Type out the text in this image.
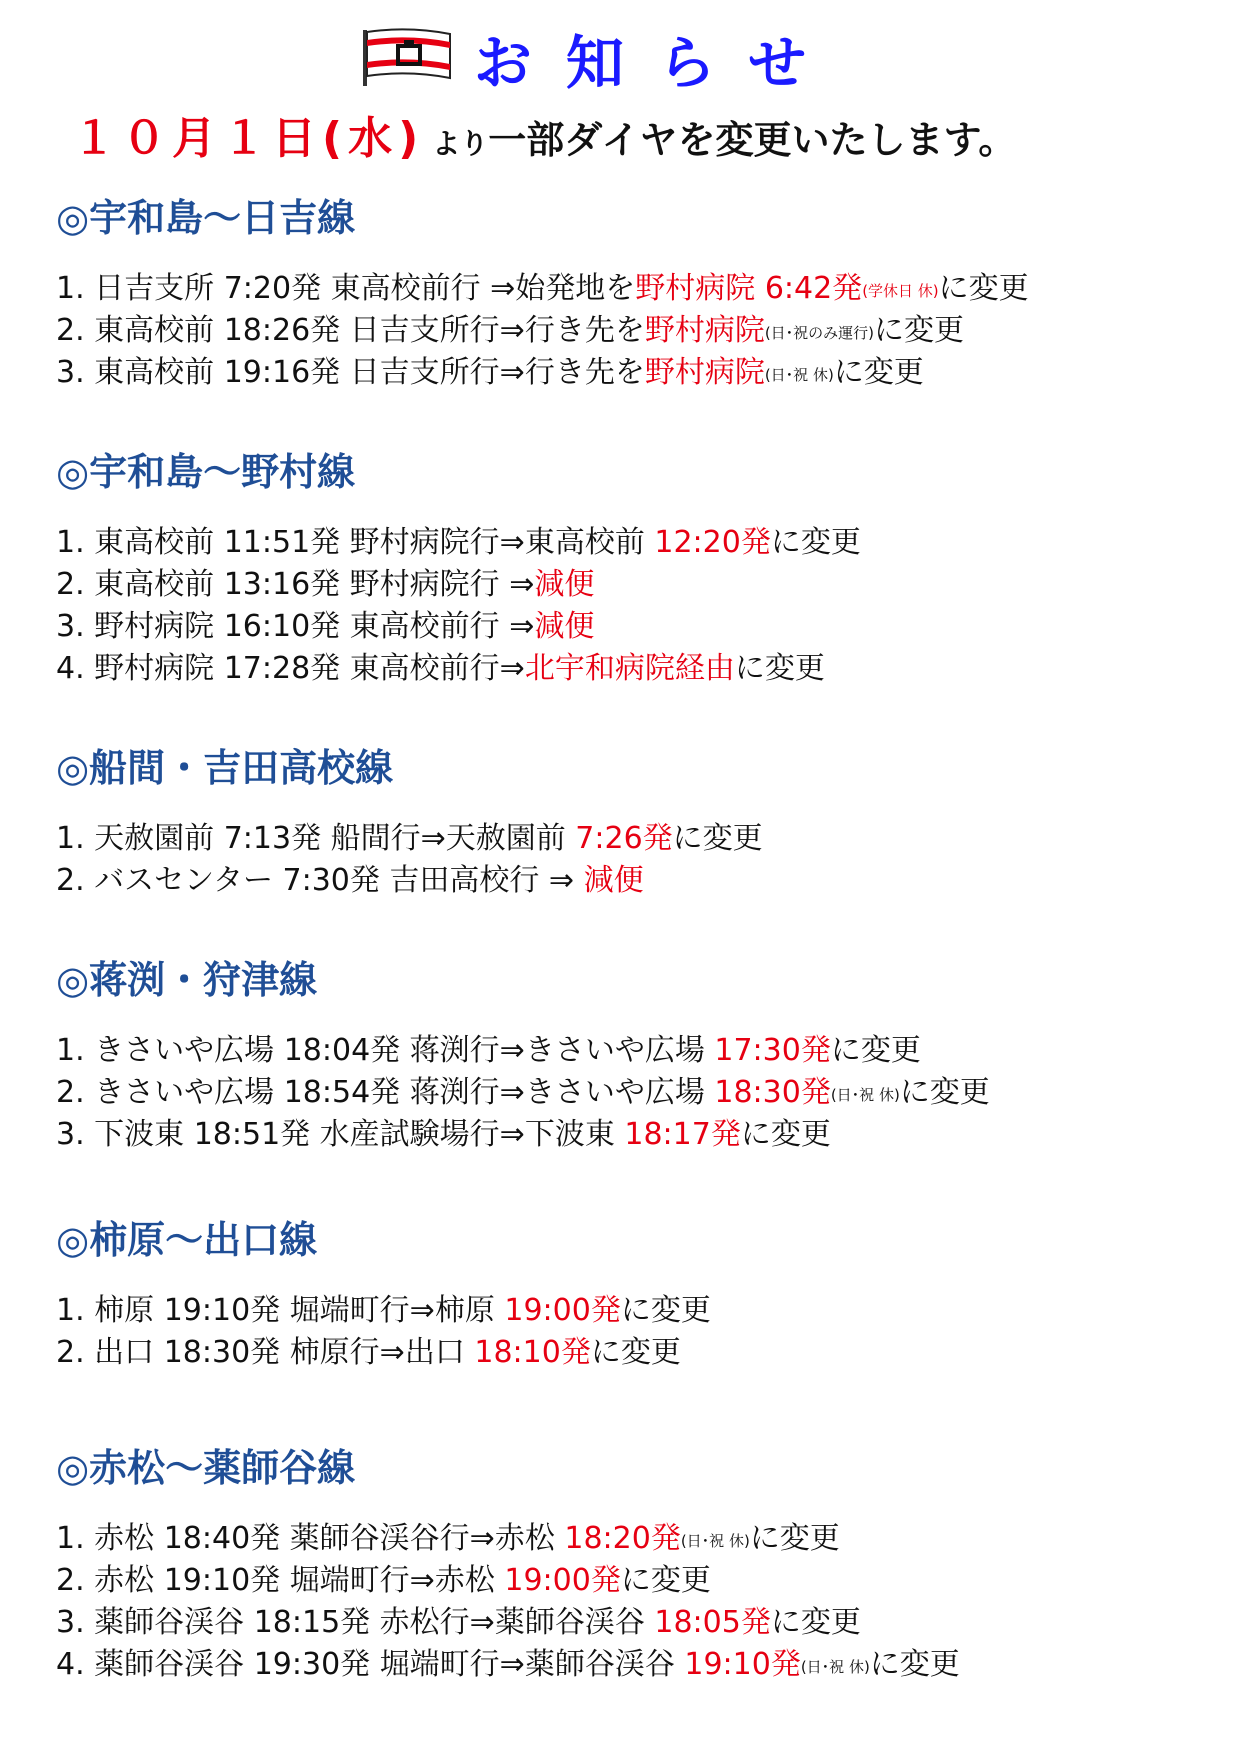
お知らせ
１０月１日(水) より 一部ダイヤを変更いたします。
◎宇和島～日吉線
1. 日吉支所 7:20発 東高校前行 ⇒始発地を野村病院 6:42発(学休日 休)に変更
2. 東高校前 18:26発 日吉支所行⇒行き先を野村病院(日･祝のみ運行)に変更
3. 東高校前 19:16発 日吉支所行⇒行き先を野村病院(日･祝 休)に変更
◎宇和島～野村線
1. 東高校前 11:51発 野村病院行⇒東高校前 12:20発に変更
2. 東高校前 13:16発 野村病院行 ⇒減便
3. 野村病院 16:10発 東高校前行 ⇒減便
4. 野村病院 17:28発 東高校前行⇒北宇和病院経由に変更
◎船間・吉田高校線
1. 天赦園前 7:13発 船間行⇒天赦園前 7:26発に変更
2. バスセンター 7:30発 吉田高校行 ⇒ 減便
◎蒋渕・狩津線
1. きさいや広場 18:04発 蒋渕行⇒きさいや広場 17:30発に変更
2. きさいや広場 18:54発 蒋渕行⇒きさいや広場 18:30発(日･祝 休)に変更
3. 下波東 18:51発 水産試験場行⇒下波東 18:17発に変更
◎柿原～出口線
1. 柿原 19:10発 堀端町行⇒柿原 19:00発に変更
2. 出口 18:30発 柿原行⇒出口 18:10発に変更
◎赤松～薬師谷線
1. 赤松 18:40発 薬師谷渓谷行⇒赤松 18:20発(日･祝 休)に変更
2. 赤松 19:10発 堀端町行⇒赤松 19:00発に変更
3. 薬師谷渓谷 18:15発 赤松行⇒薬師谷渓谷 18:05発に変更
4. 薬師谷渓谷 19:30発 堀端町行⇒薬師谷渓谷 19:10発(日･祝 休)に変更
